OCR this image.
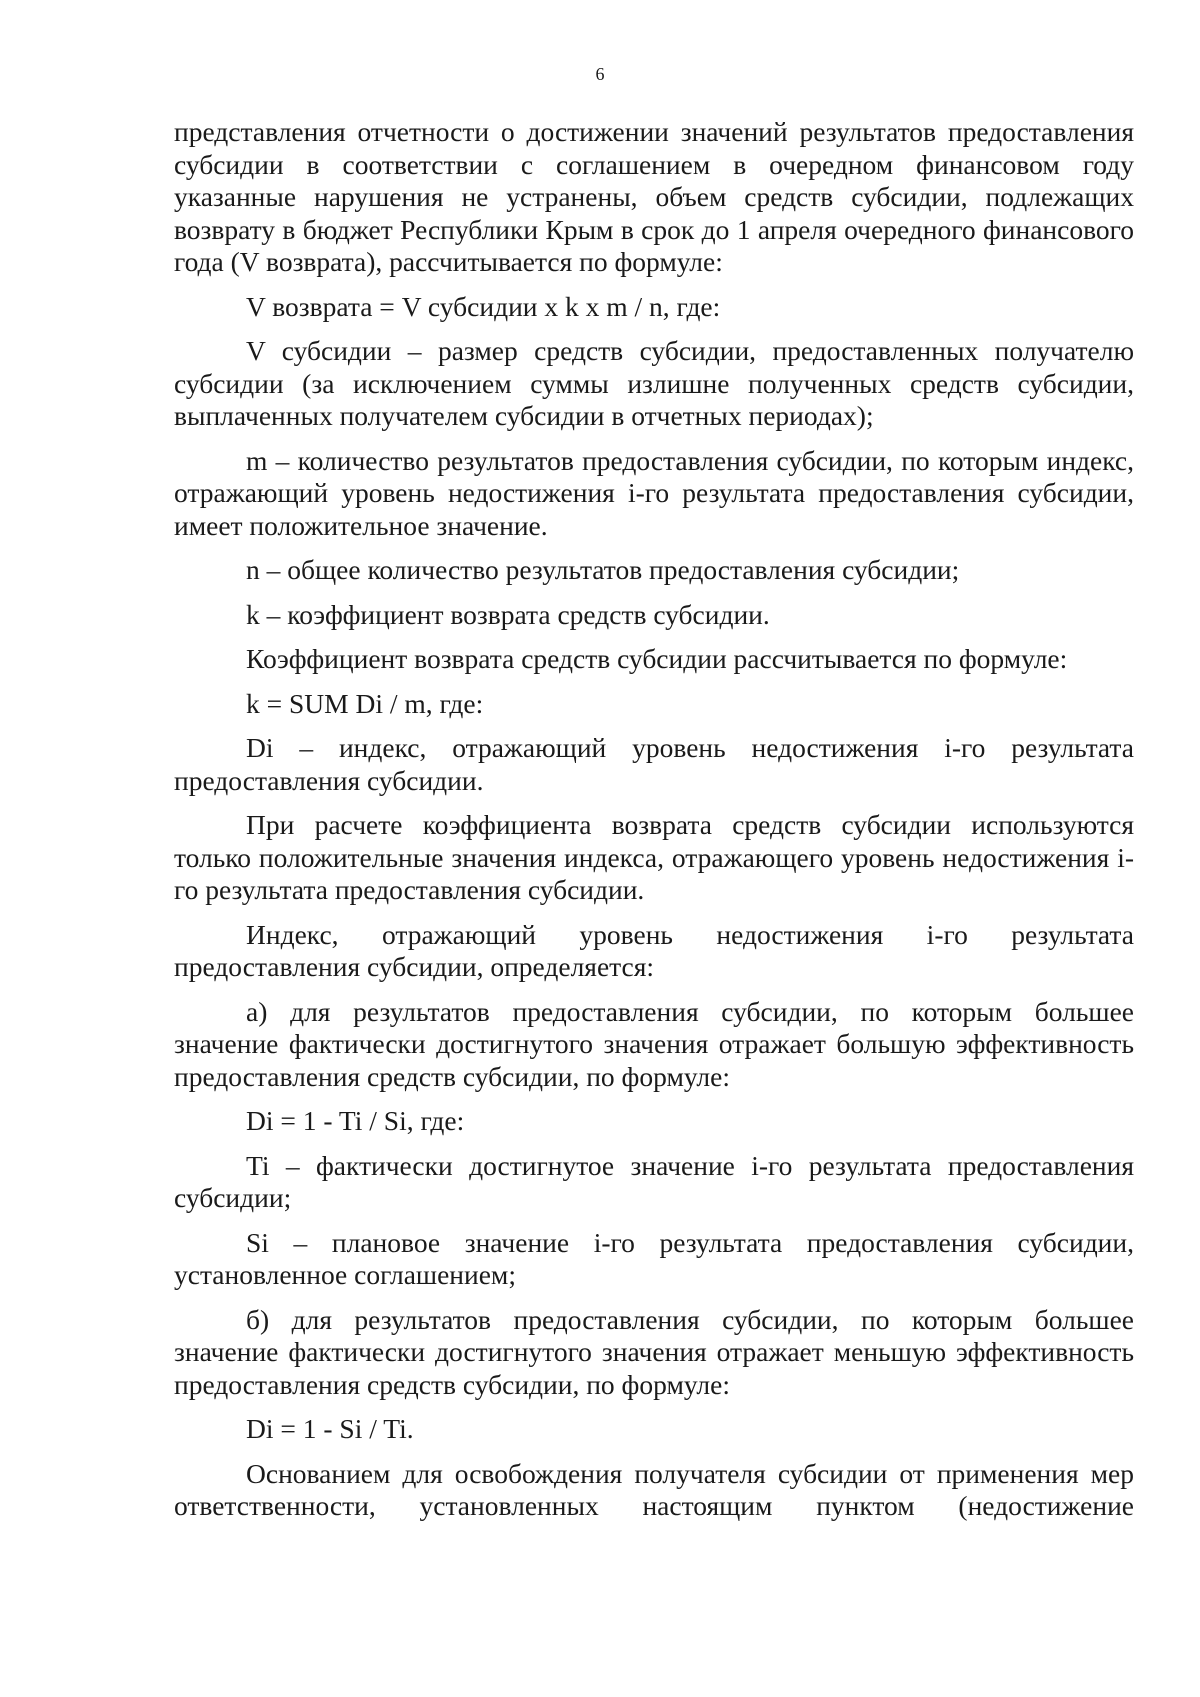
6

представления отчетности о достижении значений результатов предоставления субсидии в соответствии с соглашением в очередном финансовом году указанные нарушения не устранены, объем средств субсидии, подлежащих возврату в бюджет Республики Крым в срок до 1 апреля очередного финансового года (V возврата), рассчитывается по формуле:

V возврата = V субсидии x k x m / n, где:

V субсидии – размер средств субсидии, предоставленных получателю субсидии (за исключением суммы излишне полученных средств субсидии, выплаченных получателем субсидии в отчетных периодах);

m – количество результатов предоставления субсидии, по которым индекс, отражающий уровень недостижения i-го результата предоставления субсидии, имеет положительное значение.

n – общее количество результатов предоставления субсидии;

k – коэффициент возврата средств субсидии.

Коэффициент возврата средств субсидии рассчитывается по формуле:

k = SUM Di / m, где:

Di – индекс, отражающий уровень недостижения i-го результата предоставления субсидии.

При расчете коэффициента возврата средств субсидии используются только положительные значения индекса, отражающего уровень недостижения i-го результата предоставления субсидии.

Индекс, отражающий уровень недостижения i-го результата предоставления субсидии, определяется:

а) для результатов предоставления субсидии, по которым большее значение фактически достигнутого значения отражает большую эффективность предоставления средств субсидии, по формуле:

Di = 1 - Ti / Si, где:

Ti – фактически достигнутое значение i-го результата предоставления субсидии;

Si – плановое значение i-го результата предоставления субсидии, установленное соглашением;

б) для результатов предоставления субсидии, по которым большее значение фактически достигнутого значения отражает меньшую эффективность предоставления средств субсидии, по формуле:

Di = 1 - Si / Ti.

Основанием для освобождения получателя субсидии от применения мер ответственности, установленных настоящим пунктом (недостижение
